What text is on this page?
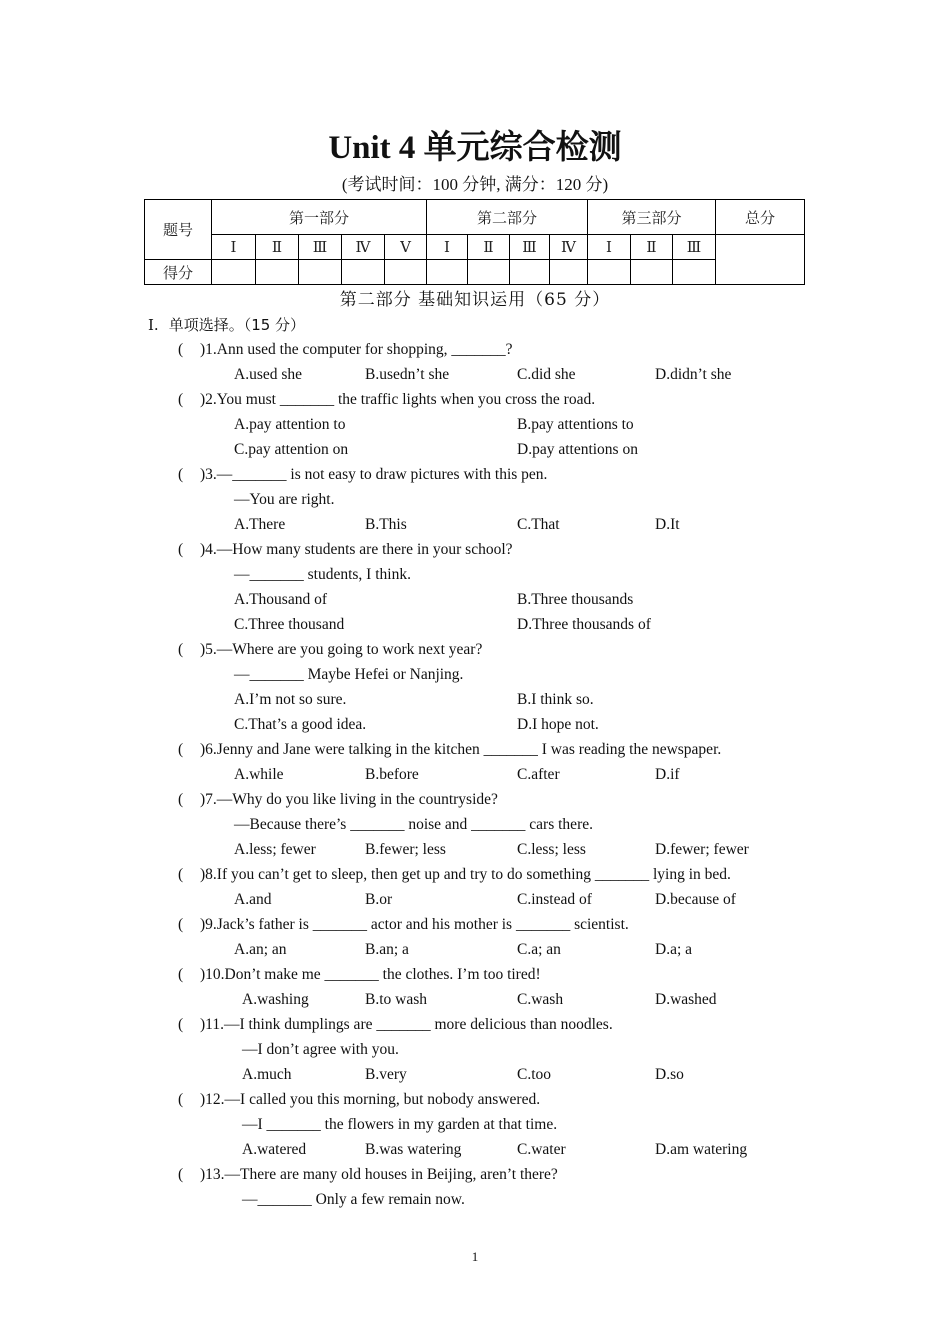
Unit 4 单元综合检测
(考试时间：100 分钟, 满分：120 分)
题号	第一部分					第二部分				第三部分			总分
	Ⅰ	Ⅱ	Ⅲ	Ⅳ	Ⅴ	Ⅰ	Ⅱ	Ⅲ	Ⅳ	Ⅰ	Ⅱ	Ⅲ	
得分													
第二部分 基础知识运用（65 分）
Ⅰ. 单项选择。（15 分）
( )1.Ann used the computer for shopping, _______?
A.used she	B.usedn’t she	C.did she	D.didn’t she
( )2.You must _______ the traffic lights when you cross the road.
A.pay attention to	B.pay attentions to
C.pay attention on	D.pay attentions on
( )3.—_______ is not easy to draw pictures with this pen.
—You are right.
A.There	B.This	C.That	D.It
( )4.—How many students are there in your school?
—_______ students, I think.
A.Thousand of	B.Three thousands
C.Three thousand	D.Three thousands of
( )5.—Where are you going to work next year?
—_______ Maybe Hefei or Nanjing.
A.I’m not so sure.	B.I think so.
C.That’s a good idea.	D.I hope not.
( )6.Jenny and Jane were talking in the kitchen _______ I was reading the newspaper.
A.while	B.before	C.after	D.if
( )7.—Why do you like living in the countryside?
—Because there’s _______ noise and _______ cars there.
A.less; fewer	B.fewer; less	C.less; less	D.fewer; fewer
( )8.If you can’t get to sleep, then get up and try to do something _______ lying in bed.
A.and	B.or	C.instead of	D.because of
( )9.Jack’s father is _______ actor and his mother is _______ scientist.
A.an; an	B.an; a	C.a; an	D.a; a
( )10.Don’t make me _______ the clothes. I’m too tired!
A.washing	B.to wash	C.wash	D.washed
( )11.—I think dumplings are _______ more delicious than noodles.
—I don’t agree with you.
A.much	B.very	C.too	D.so
( )12.—I called you this morning, but nobody answered.
—I _______ the flowers in my garden at that time.
A.watered	B.was watering	C.water	D.am watering
( )13.—There are many old houses in Beijing, aren’t there?
—_______ Only a few remain now.
1
